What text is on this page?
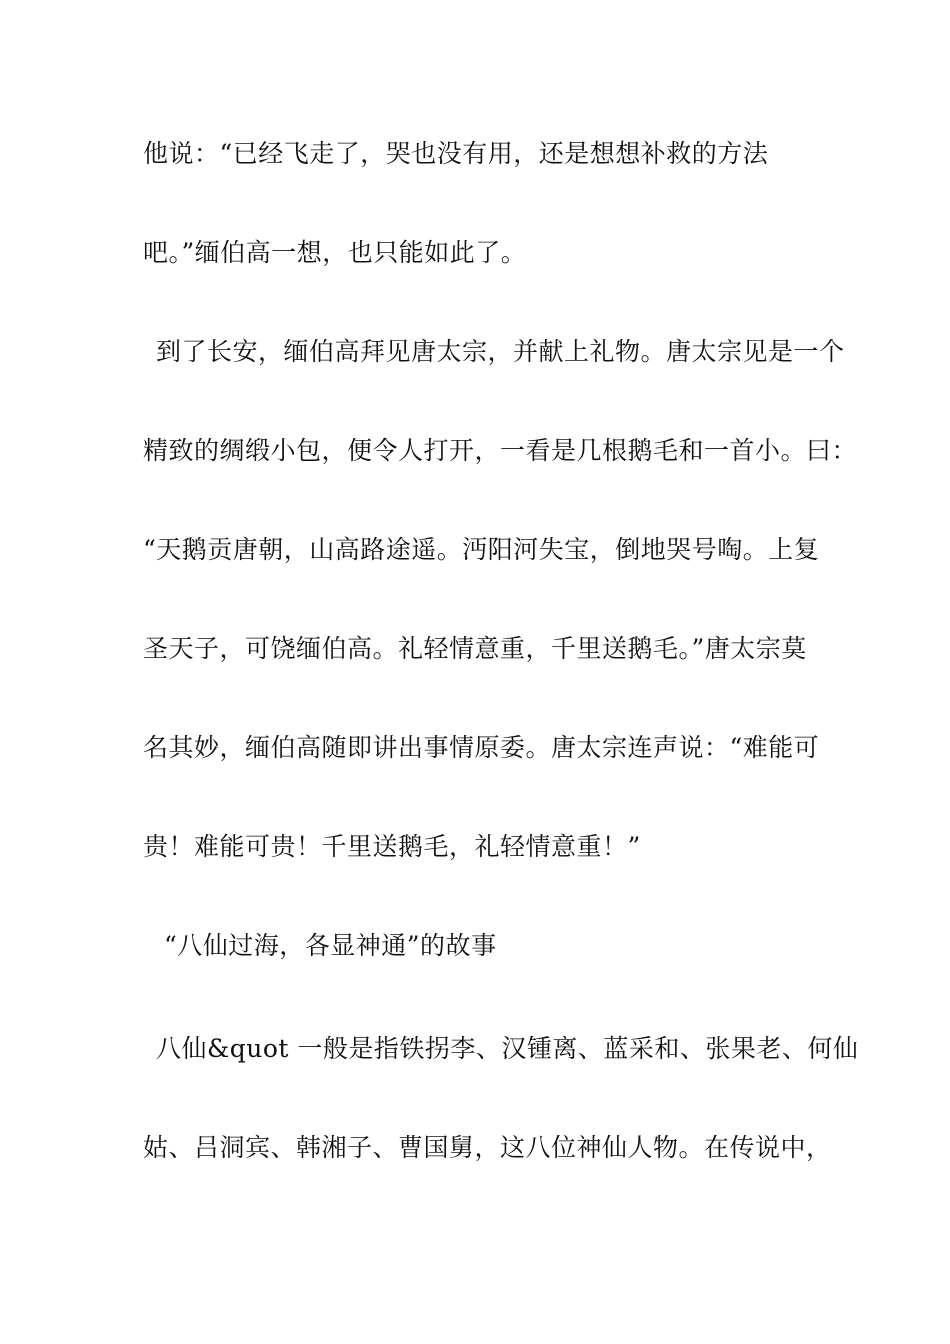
他说：“已经飞走了，哭也没有用，还是想想补救的方法
吧。”缅伯高一想，也只能如此了。
到了长安，缅伯高拜见唐太宗，并献上礼物。唐太宗见是一个
精致的绸缎小包，便令人打开，一看是几根鹅毛和一首小。曰：
“天鹅贡唐朝，山高路途遥。沔阳河失宝，倒地哭号啕。上复
圣天子，可饶缅伯高。礼轻情意重，千里送鹅毛。”唐太宗莫
名其妙，缅伯高随即讲出事情原委。唐太宗连声说：“难能可
贵！难能可贵！千里送鹅毛，礼轻情意重！”
“八仙过海，各显神通”的故事
八仙&quot 一般是指铁拐李、汉锺离、蓝采和、张果老、何仙
姑、吕洞宾、韩湘子、曹国舅，这八位神仙人物。在传说中，
